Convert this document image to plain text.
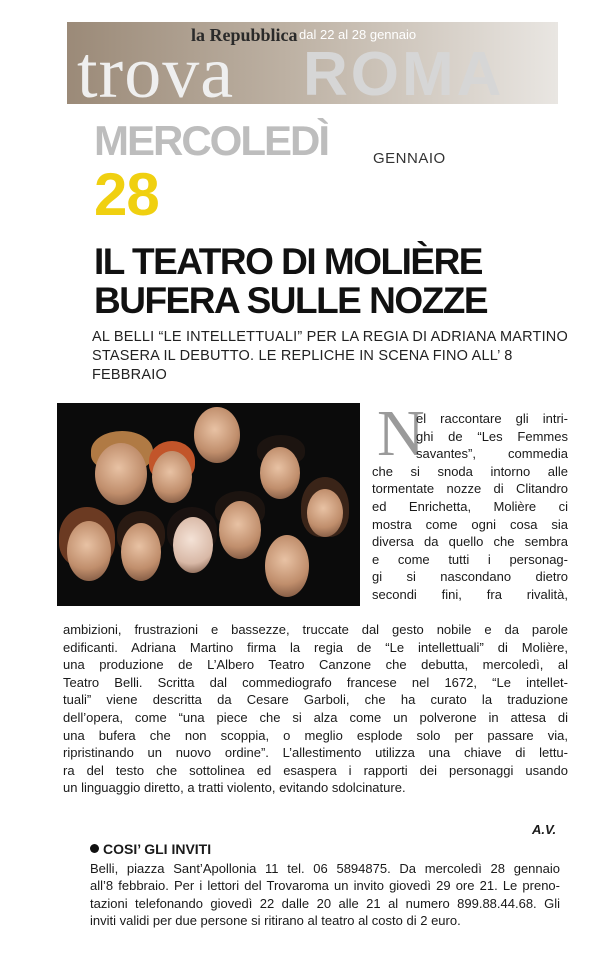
trova ROMA
la Repubblica dal 22 al 28 gennaio
MERCOLEDÌ	GENNAIO
28
IL TEATRO DI MOLIÈRE
BUFERA SULLE NOZZE
AL BELLI “LE INTELLETTUALI” PER LA REGIA DI ADRIANA MARTINO
STASERA IL DEBUTTO. LE REPLICHE IN SCENA FINO ALL’ 8 FEBBRAIO
N
el raccontare gli intri-
ghi de “Les Femmes
savantes”, commedia
che si snoda intorno alle
tormentate nozze di Clitandro
ed Enrichetta, Molière ci
mostra come ogni cosa sia
diversa da quello che sembra
e come tutti i personag-
gi si nascondano dietro
secondi fini, fra rivalità,
ambizioni, frustrazioni e bassezze, truccate dal gesto nobile e da parole
edificanti. Adriana Martino firma la regia de “Le intellettuali” di Molière,
una produzione de L’Albero Teatro Canzone che debutta, mercoledì, al
Teatro Belli. Scritta dal commediografo francese nel 1672, “Le intellet-
tuali” viene descritta da Cesare Garboli, che ha curato la traduzione
dell’opera, come “una piece che si alza come un polverone in attesa di
una bufera che non scoppia, o meglio esplode solo per passare via,
ripristinando un nuovo ordine”. L’allestimento utilizza una chiave di lettu-
ra del testo che sottolinea ed esaspera i rapporti dei personaggi usando
un linguaggio diretto, a tratti violento, evitando sdolcinature.
A.V.
COSI’ GLI INVITI
Belli, piazza Sant’Apollonia 11 tel. 06 5894875. Da mercoledì 28 gennaio
all’8 febbraio. Per i lettori del Trovaroma un invito giovedì 29 ore 21. Le preno-
tazioni telefonando giovedì 22 dalle 20 alle 21 al numero 899.88.44.68. Gli
inviti validi per due persone si ritirano al teatro al costo di 2 euro.
